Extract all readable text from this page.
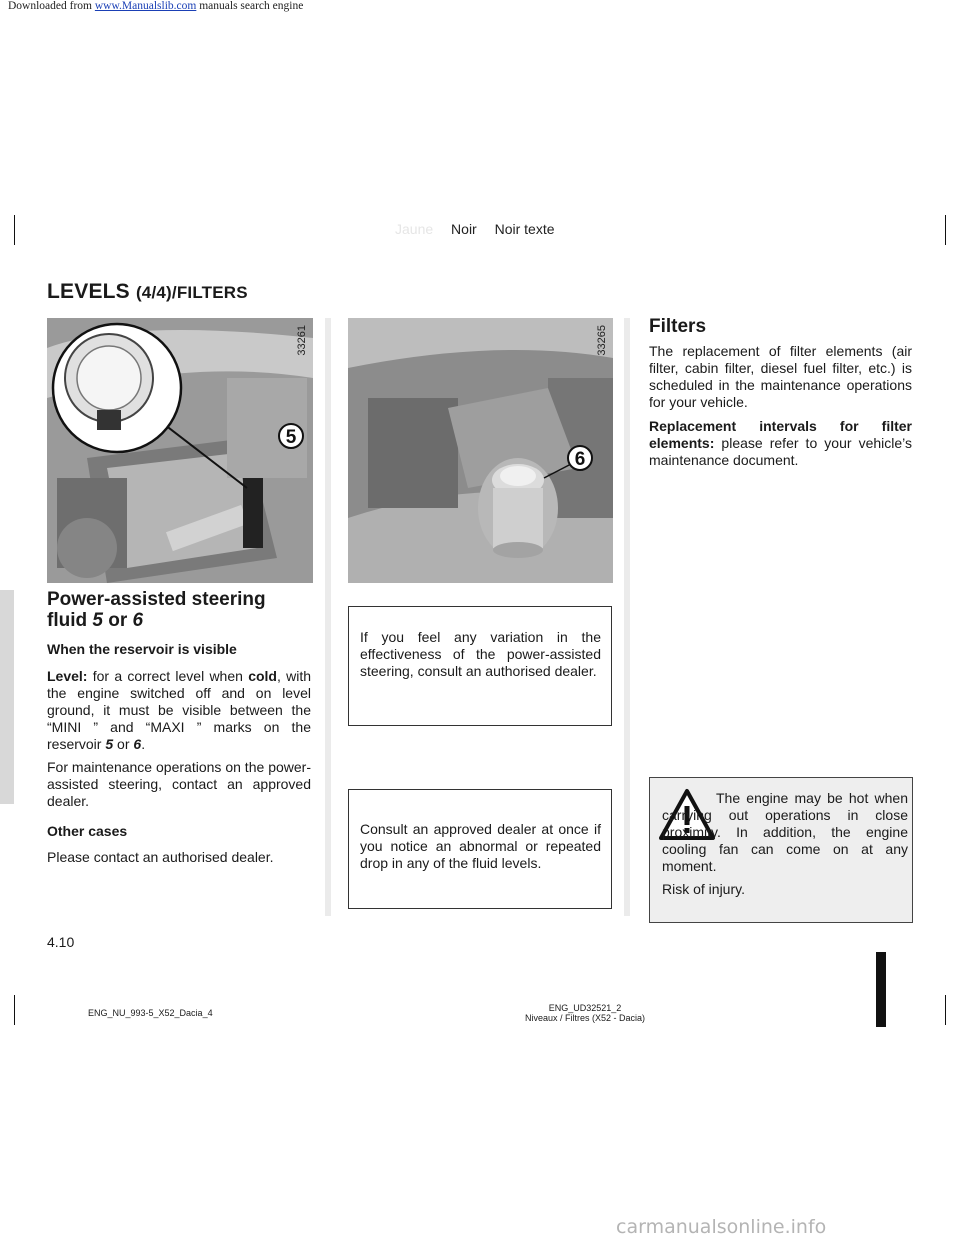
Downloaded from www.Manualslib.com manuals search engine
Jaune Noir Noir texte
LEVELS (4/4)/FILTERS
5
33261
6
33265
Power-assisted steering
fluid 5 or 6
When the reservoir is visible
Level: for a correct level when cold, with the engine switched off and on level ground, it must be visible between the “MINI ” and “MAXI ” marks on the reservoir 5 or 6.
For maintenance operations on the power-assisted steering, contact an approved dealer.
Other cases
Please contact an authorised dealer.
If you feel any variation in the effectiveness of the power-assisted steering, consult an authorised dealer.
Consult an approved dealer at once if you notice an abnormal or repeated drop in any of the fluid levels.
Filters
The replacement of filter elements (air filter, cabin filter, diesel fuel filter, etc.) is scheduled in the maintenance operations for your vehicle.
Replacement intervals for filter elements: please refer to your vehicle’s maintenance document.
The engine may be hot when carrying out operations in close proximity. In addition, the engine cooling fan can come on at any moment.
Risk of injury.
4.10
ENG_NU_993-5_X52_Dacia_4	ENG_UD32521_2
Niveaux / Filtres (X52 - Dacia)
carmanualsonline.info
